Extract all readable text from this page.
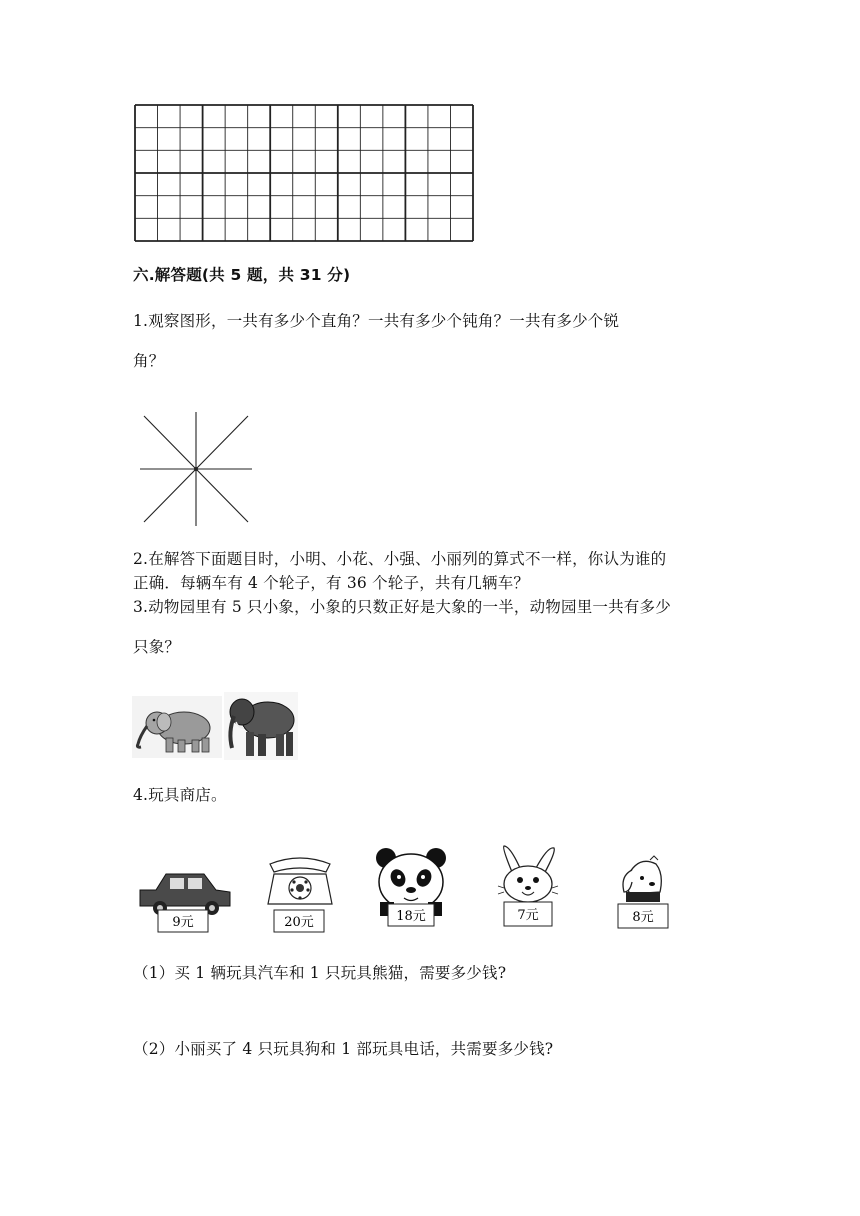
六.解答题(共 5 题，共 31 分)
1.观察图形，一共有多少个直角？一共有多少个钝角？一共有多少个锐
角？
2.在解答下面题目时，小明、小花、小强、小丽列的算式不一样，你认为谁的
正确．每辆车有 4 个轮子，有 36 个轮子，共有几辆车？
3.动物园里有 5 只小象，小象的只数正好是大象的一半，动物园里一共有多少
只象？
4.玩具商店。
9元	20元	18元	7元	8元
（1）买 1 辆玩具汽车和 1 只玩具熊猫，需要多少钱?
（2）小丽买了 4 只玩具狗和 1 部玩具电话，共需要多少钱?
